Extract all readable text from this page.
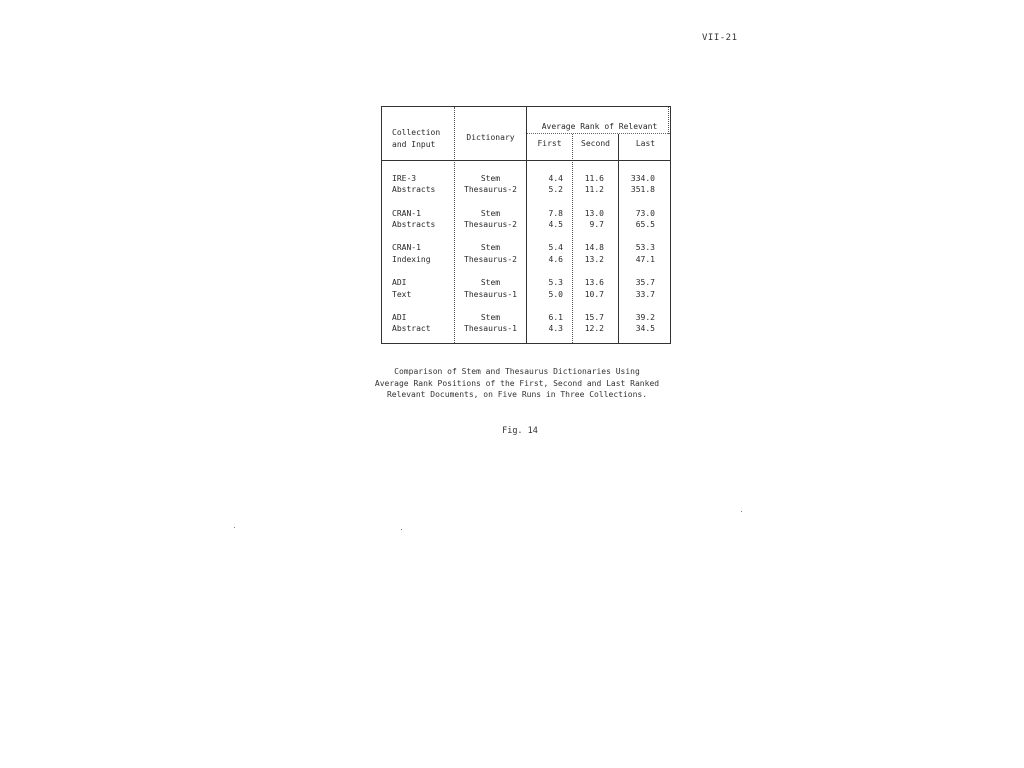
VII-21
Collection
and Input
Dictionary
Average Rank of Relevant
First	Second	Last
IRE-3
Abstracts
Stem
Thesaurus-2
4.4
5.2
11.6
11.2
334.0
351.8
CRAN-1
Abstracts
Stem
Thesaurus-2
7.8
4.5
13.0
9.7
73.0
65.5
CRAN-1
Indexing
Stem
Thesaurus-2
5.4
4.6
14.8
13.2
53.3
47.1
ADI
Text
Stem
Thesaurus-1
5.3
5.0
13.6
10.7
35.7
33.7
ADI
Abstract
Stem
Thesaurus-1
6.1
4.3
15.7
12.2
39.2
34.5
Comparison of Stem and Thesaurus Dictionaries Using
Average Rank Positions of the First, Second and Last Ranked
Relevant Documents, on Five Runs in Three Collections.
Fig. 14
